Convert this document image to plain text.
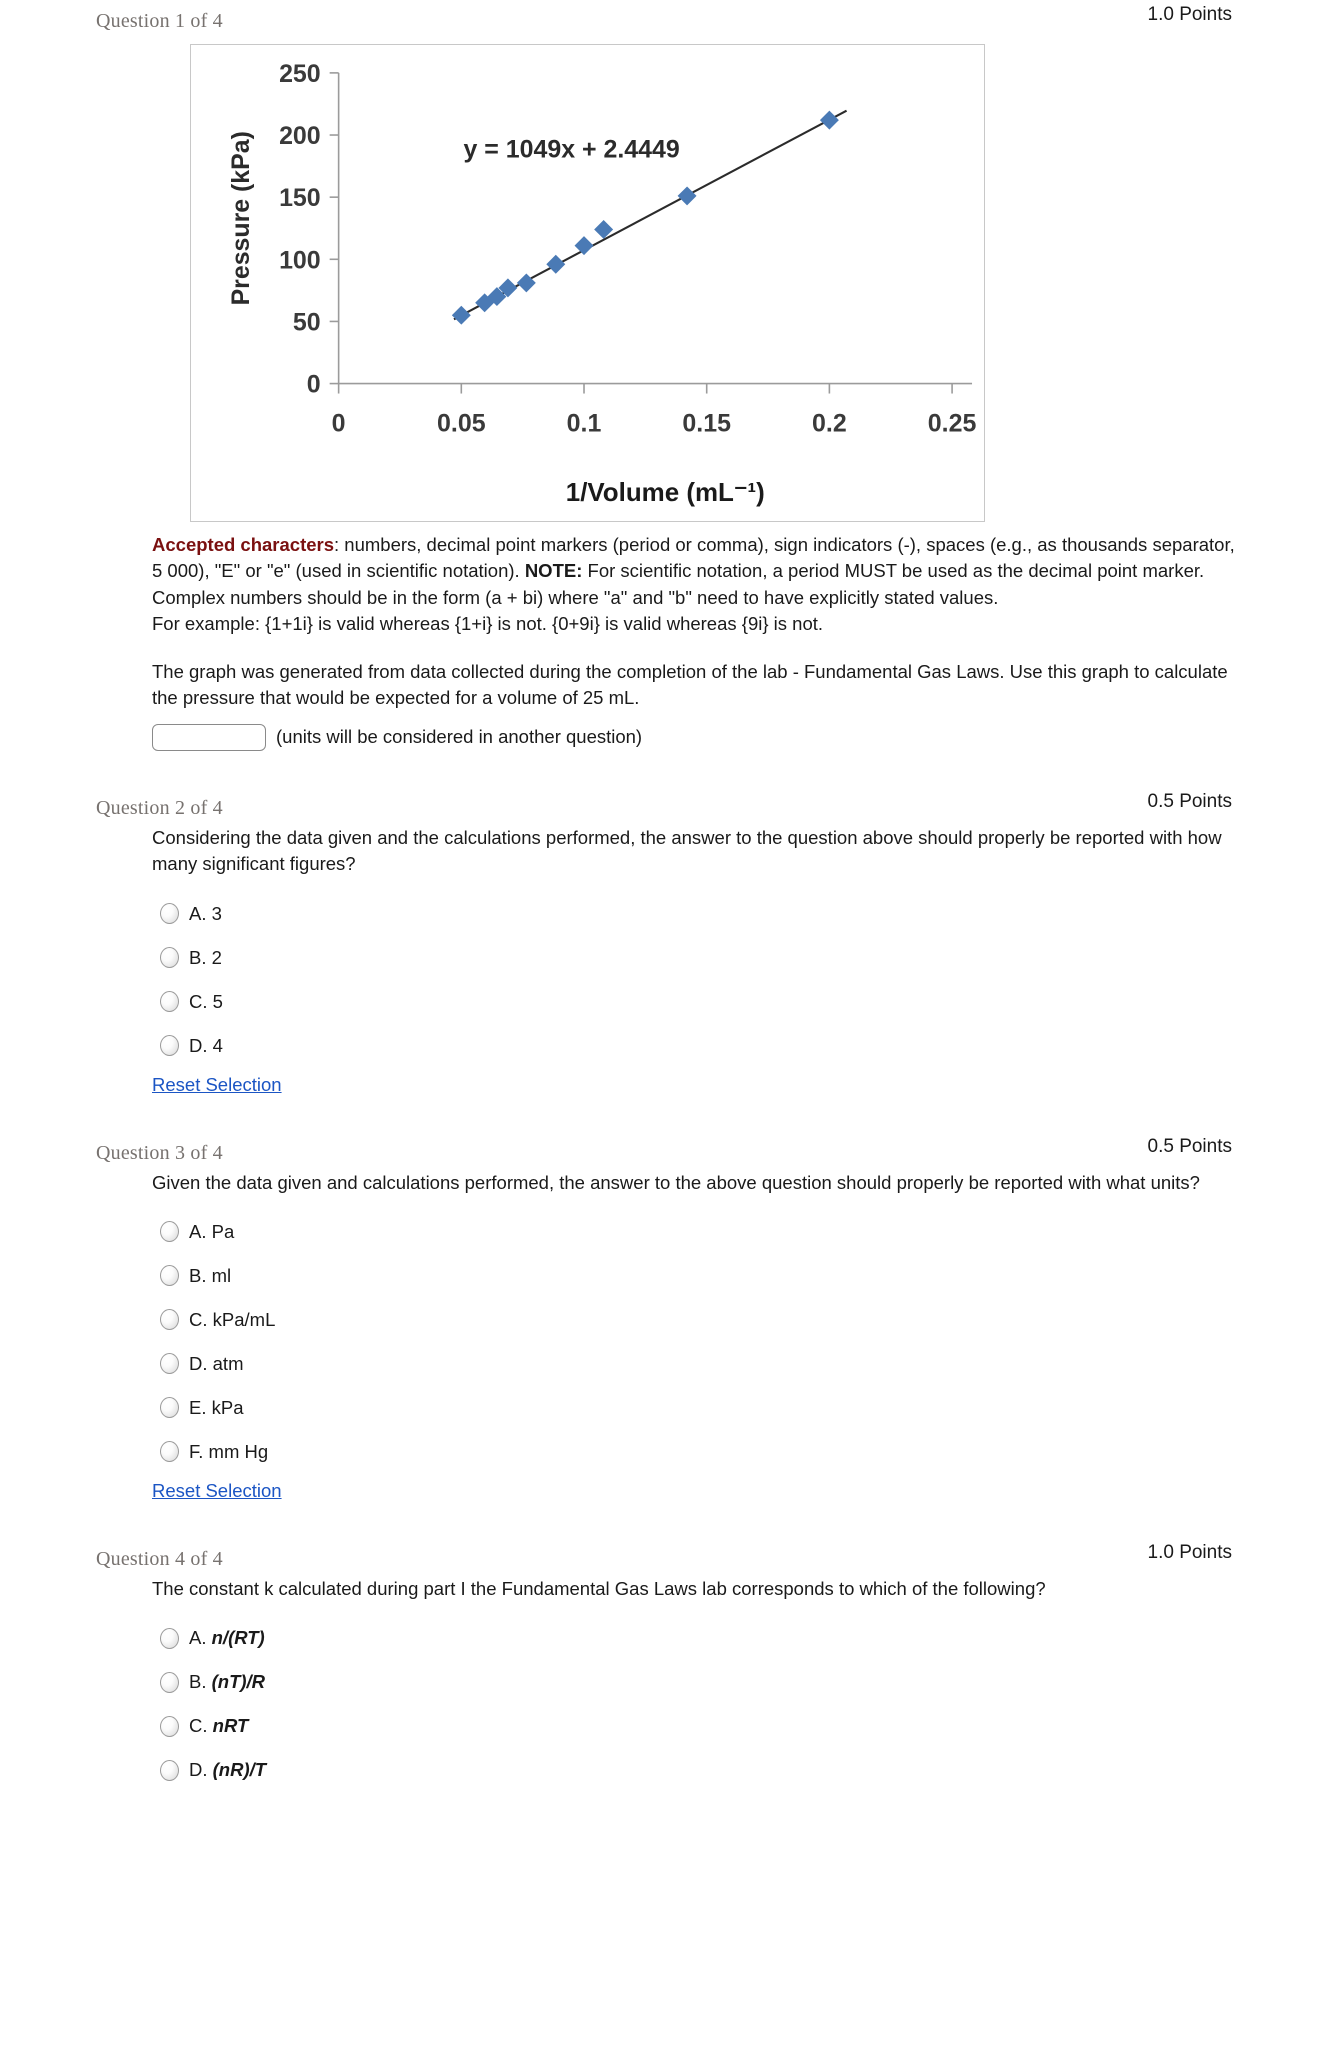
Question 1 of 4	1.0 Points
0
50
100
150
200
250
0	0.05	0.1	0.15	0.2	0.25
y = 1049x + 2.4449
Pressure (kPa)
1/Volume (mL⁻¹)

Accepted characters: numbers, decimal point markers (period or comma), sign indicators (-), spaces (e.g., as thousands separator, 5 000), "E" or "e" (used in scientific notation). NOTE: For scientific notation, a period MUST be used as the decimal point marker.

Complex numbers should be in the form (a + bi) where "a" and "b" need to have explicitly stated values.

For example: {1+1i} is valid whereas {1+i} is not. {0+9i} is valid whereas {9i} is not.

The graph was generated from data collected during the completion of the lab - Fundamental Gas Laws. Use this graph to calculate the pressure that would be expected for a volume of 25 mL.

(units will be considered in another question)
Question 2 of 4	0.5 Points

Considering the data given and the calculations performed, the answer to the question above should properly be reported with how many significant figures?

A. 3
B. 2
C. 5
D. 4
Reset Selection
Question 3 of 4	0.5 Points

Given the data given and calculations performed, the answer to the above question should properly be reported with what units?

A. Pa
B. ml
C. kPa/mL
D. atm
E. kPa
F. mm Hg
Reset Selection
Question 4 of 4	1.0 Points

The constant k calculated during part I the Fundamental Gas Laws lab corresponds to which of the following?

A. n/(RT)
B. (nT)/R
C. nRT
D. (nR)/T
